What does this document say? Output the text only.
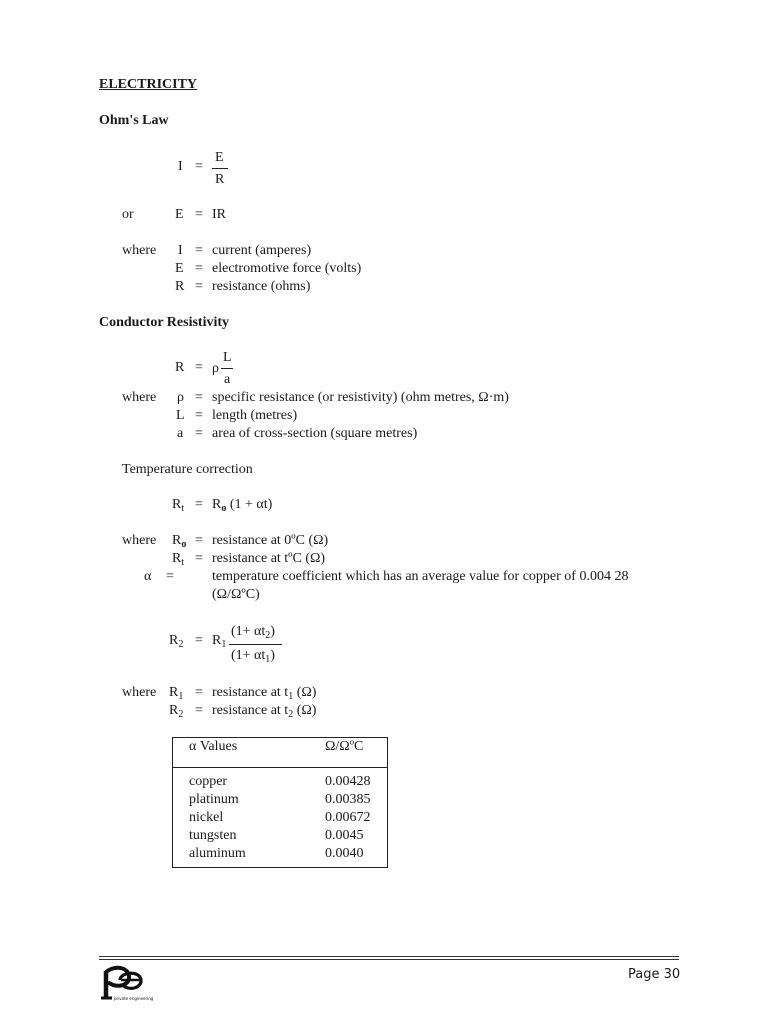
ELECTRICITY
Ohm's Law
I =
E
R
or	E = IR
where I = current (amperes)
E = electromotive force (volts)
R = resistance (ohms)
Conductor Resistivity
R = ρ
L
a
where ρ = specific resistance (or resistivity) (ohm metres, Ω·m)
L = length (metres)
a = area of cross-section (square metres)
Temperature correction
$R_t = R_o$ (1 + αt)
where $R_o$ = resistance at 0ºC (Ω)
$R_t$ = resistance at tºC (Ω)
α =	temperature coefficient which has an average value for copper of 0.004 28
(Ω/ΩºC)
$R_2 = R_1$
$(1+ \alpha t_2)$
$(1+ \alpha t_1)$
where $R_1$ = resistance at $t_1$ (Ω)
$R_2$ = resistance at $t_2$ (Ω)
α Values	Ω/ΩºC
copper	0.00428
platinum	0.00385
nickel	0.00672
tungsten	0.0045
aluminum	0.0040
private engineering
Page 30
